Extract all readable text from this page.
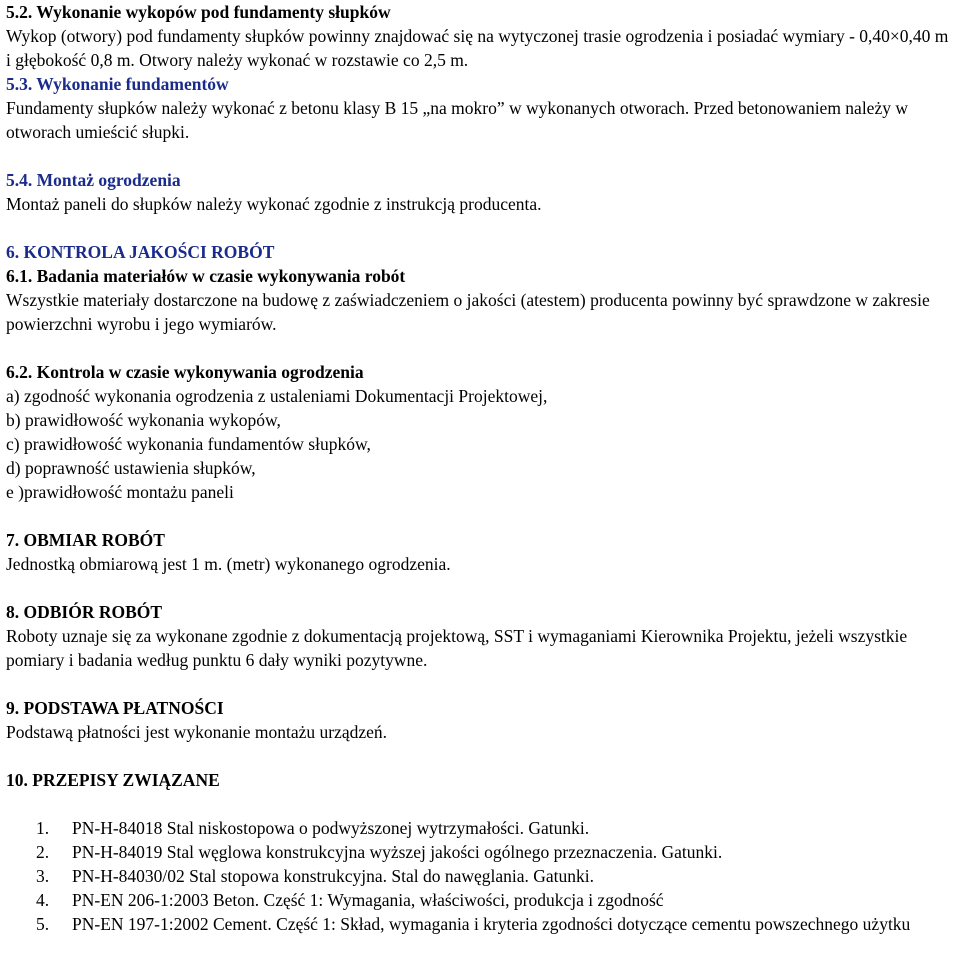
5.2. Wykonanie wykopów pod fundamenty słupków

Wykop (otwory) pod fundamenty słupków powinny znajdować się na wytyczonej trasie ogrodzenia i posiadać wymiary - 0,40×0,40 m i głębokość 0,8 m. Otwory należy wykonać w rozstawie co 2,5 m.

5.3. Wykonanie fundamentów

Fundamenty słupków należy wykonać z betonu klasy B 15 „na mokro” w wykonanych otworach. Przed betonowaniem należy w otworach umieścić słupki.

5.4. Montaż ogrodzenia

Montaż paneli do słupków należy wykonać zgodnie z instrukcją producenta.

6. KONTROLA JAKOŚCI ROBÓT

6.1. Badania materiałów w czasie wykonywania robót

Wszystkie materiały dostarczone na budowę z zaświadczeniem o jakości (atestem) producenta powinny być sprawdzone w zakresie powierzchni wyrobu i jego wymiarów.

6.2. Kontrola w czasie wykonywania ogrodzenia

a) zgodność wykonania ogrodzenia z ustaleniami Dokumentacji Projektowej,

b) prawidłowość wykonania wykopów,

c) prawidłowość wykonania fundamentów słupków,

d) poprawność ustawienia słupków,

e )prawidłowość montażu paneli

7. OBMIAR ROBÓT

Jednostką obmiarową jest 1 m. (metr) wykonanego ogrodzenia.

8. ODBIÓR ROBÓT

Roboty uznaje się za wykonane zgodnie z dokumentacją projektową, SST i wymaganiami Kierownika Projektu, jeżeli wszystkie pomiary i badania według punktu 6 dały wyniki pozytywne.

9. PODSTAWA PŁATNOŚCI

Podstawą płatności jest wykonanie montażu urządzeń.

10. PRZEPISY ZWIĄZANE

1.	PN-H-84018 Stal niskostopowa o podwyższonej wytrzymałości. Gatunki.
2.	PN-H-84019 Stal węglowa konstrukcyjna wyższej jakości ogólnego przeznaczenia. Gatunki.
3.	PN-H-84030/02 Stal stopowa konstrukcyjna. Stal do nawęglania. Gatunki.
4.	PN-EN 206-1:2003 Beton. Część 1: Wymagania, właściwości, produkcja i zgodność
5.	PN-EN 197-1:2002 Cement. Część 1: Skład, wymagania i kryteria zgodności dotyczące cementu powszechnego użytku
